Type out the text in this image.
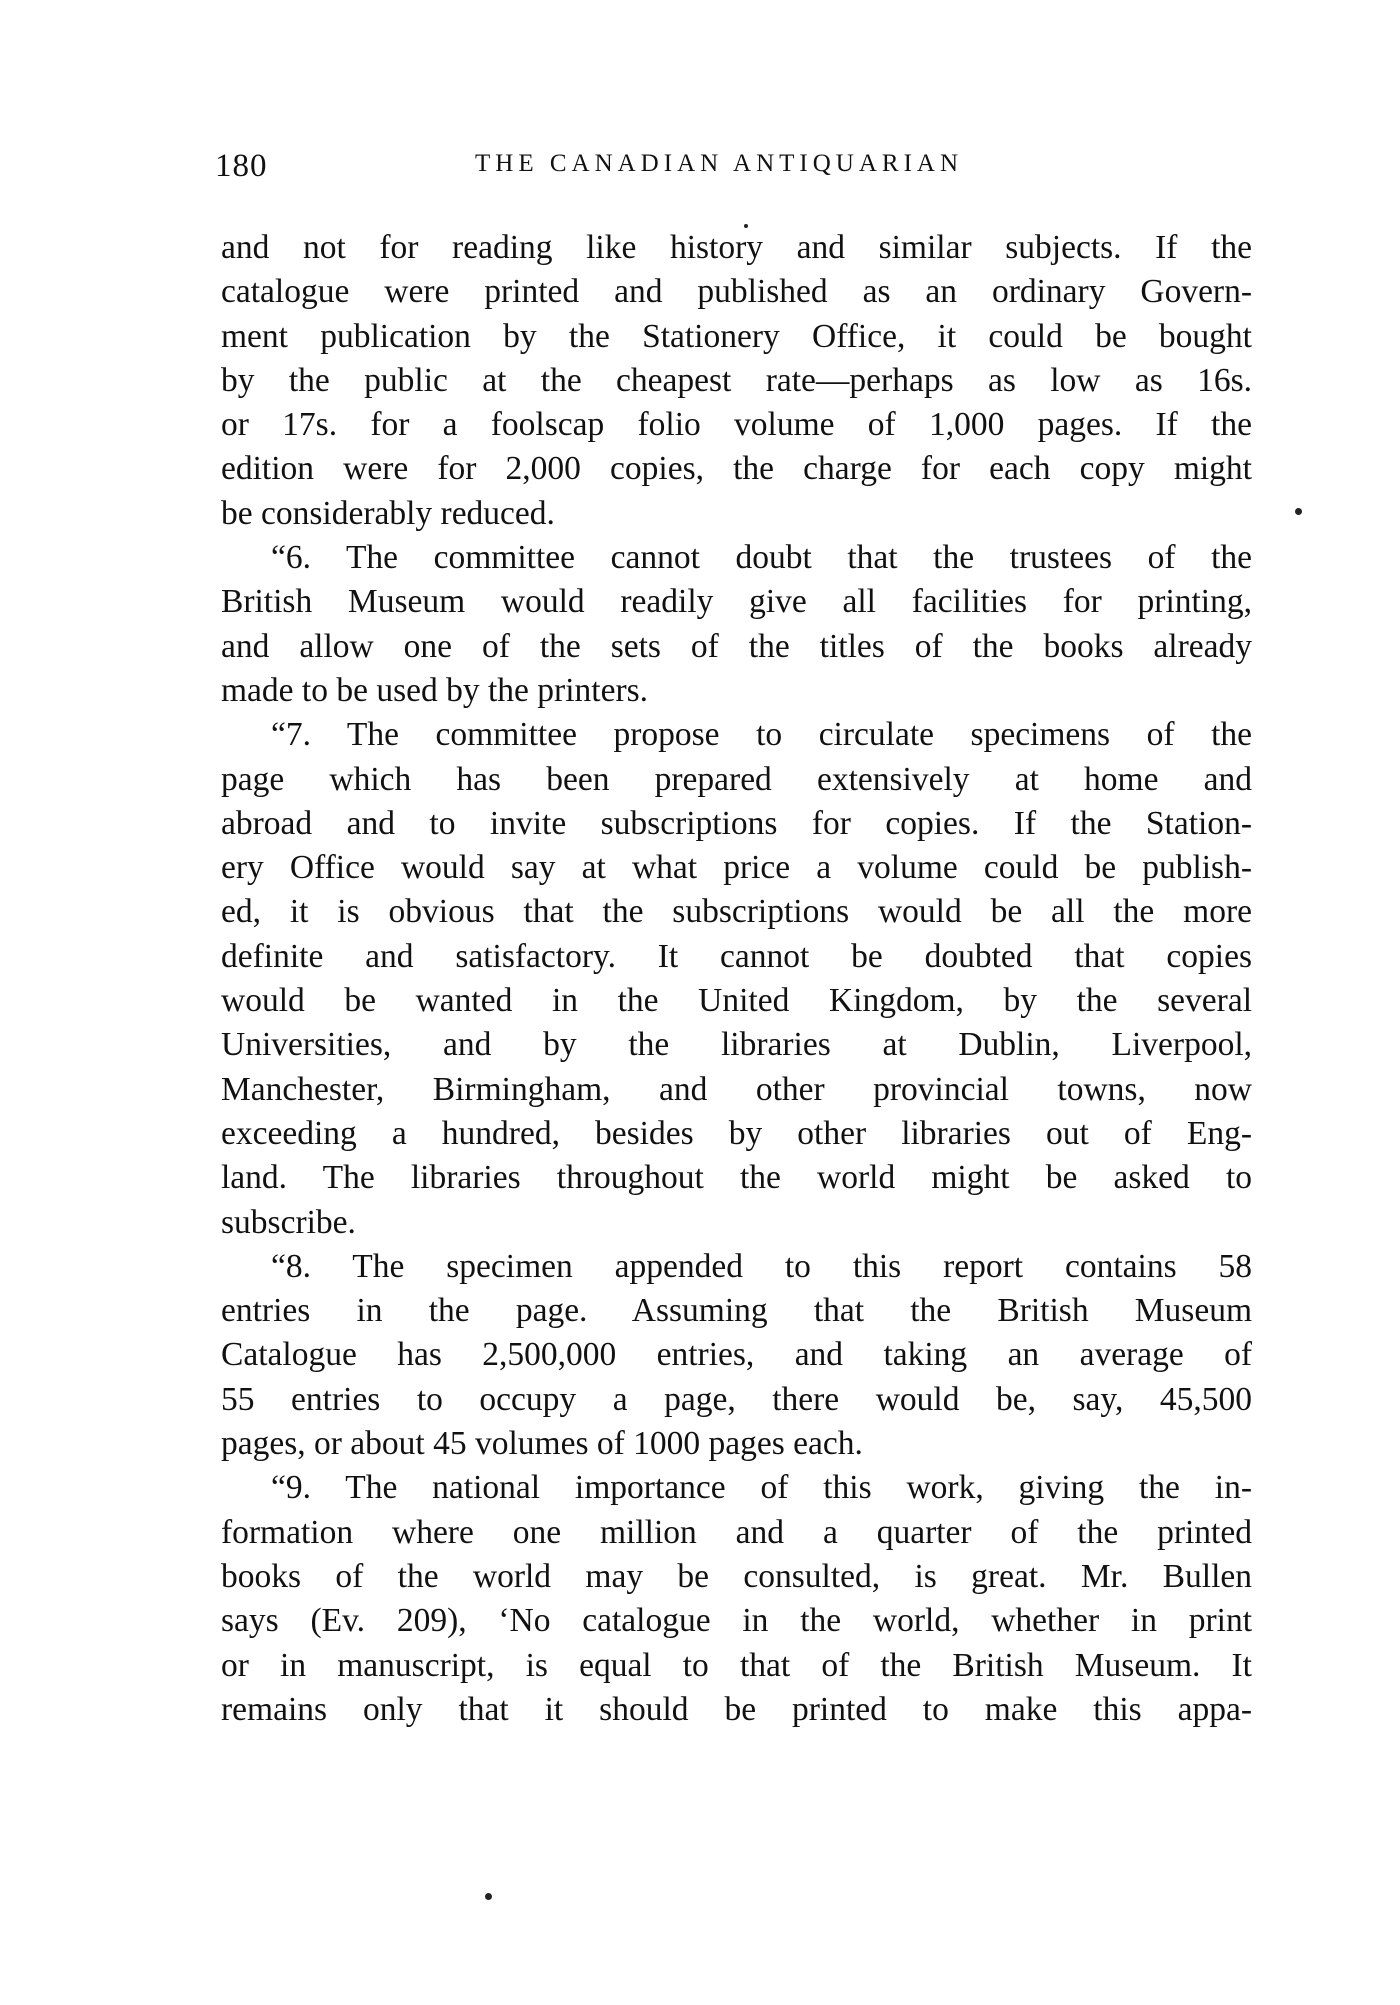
180	THE CANADIAN ANTIQUARIAN
and not for reading like history and similar subjects. If the
catalogue were printed and published as an ordinary Govern-
ment publication by the Stationery Office, it could be bought
by the public at the cheapest rate—perhaps as low as 16s.
or 17s. for a foolscap folio volume of 1,000 pages. If the
edition were for 2,000 copies, the charge for each copy might
be considerably reduced.
“6. The committee cannot doubt that the trustees of the
British Museum would readily give all facilities for printing,
and allow one of the sets of the titles of the books already
made to be used by the printers.
“7. The committee propose to circulate specimens of the
page which has been prepared extensively at home and
abroad and to invite subscriptions for copies. If the Station-
ery Office would say at what price a volume could be publish-
ed, it is obvious that the subscriptions would be all the more
definite and satisfactory. It cannot be doubted that copies
would be wanted in the United Kingdom, by the several
Universities, and by the libraries at Dublin, Liverpool,
Manchester, Birmingham, and other provincial towns, now
exceeding a hundred, besides by other libraries out of Eng-
land. The libraries throughout the world might be asked to
subscribe.
“8. The specimen appended to this report contains 58
entries in the page. Assuming that the British Museum
Catalogue has 2,500,000 entries, and taking an average of
55 entries to occupy a page, there would be, say, 45,500
pages, or about 45 volumes of 1000 pages each.
“9. The national importance of this work, giving the in-
formation where one million and a quarter of the printed
books of the world may be consulted, is great. Mr. Bullen
says (Ev. 209), ‘No catalogue in the world, whether in print
or in manuscript, is equal to that of the British Museum. It
remains only that it should be printed to make this appa-
